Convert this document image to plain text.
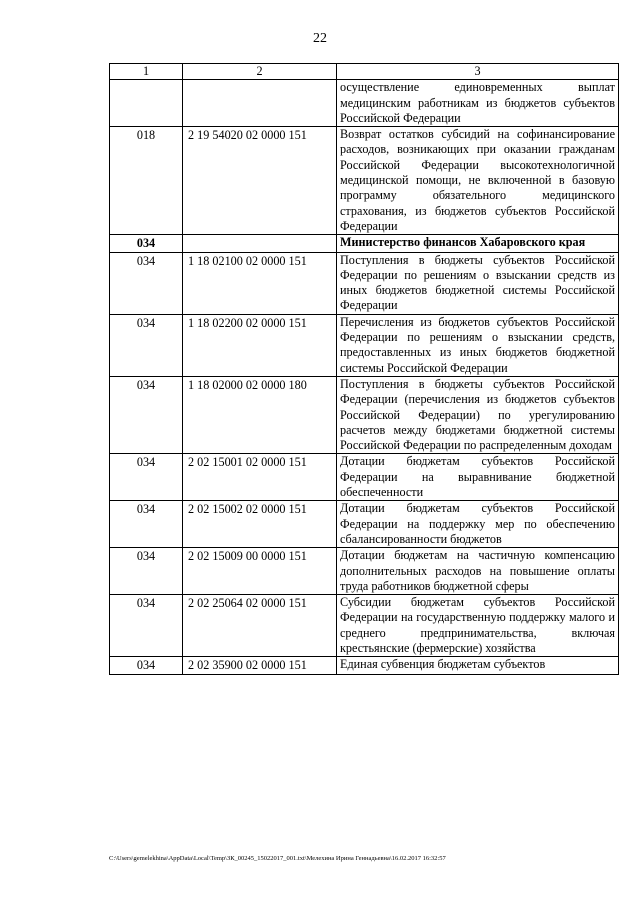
22
1	2	3
		осуществление единовременных выплат медицинским работникам из бюджетов субъектов Российской Федерации
018	2 19 54020 02 0000 151	Возврат остатков субсидий на софинансирование расходов, возникающих при оказании гражданам Российской Федерации высокотехнологичной медицинской помощи, не включенной в базовую программу обязательного медицинского страхования, из бюджетов субъектов Российской Федерации
034		Министерство финансов Хабаровского края
034	1 18 02100 02 0000 151	Поступления в бюджеты субъектов Российской Федерации по решениям о взыскании средств из иных бюджетов бюджетной системы Российской Федерации
034	1 18 02200 02 0000 151	Перечисления из бюджетов субъектов Российской Федерации по решениям о взыскании средств, предоставленных из иных бюджетов бюджетной системы Российской Федерации
034	1 18 02000 02 0000 180	Поступления в бюджеты субъектов Российской Федерации (перечисления из бюджетов субъектов Российской Федерации) по урегулированию расчетов между бюджетами бюджетной системы Российской Федерации по распределенным доходам
034	2 02 15001 02 0000 151	Дотации бюджетам субъектов Российской Федерации на выравнивание бюджетной обеспеченности
034	2 02 15002 02 0000 151	Дотации бюджетам субъектов Российской Федерации на поддержку мер по обеспечению сбалансированности бюджетов
034	2 02 15009 00 0000 151	Дотации бюджетам на частичную компенсацию дополнительных расходов на повышение оплаты труда работников бюджетной сферы
034	2 02 25064 02 0000 151	Субсидии бюджетам субъектов Российской Федерации на государственную поддержку малого и среднего предпринимательства, включая крестьянские (фермерские) хозяйства
034	2 02 35900 02 0000 151	Единая субвенция бюджетам субъектов
C:\Users\gemelekhina\AppData\Local\Temp\ЗК_00245_15022017_001.txt\Мелехина Ирина Геннадьевна\16.02.2017 16:32:57
